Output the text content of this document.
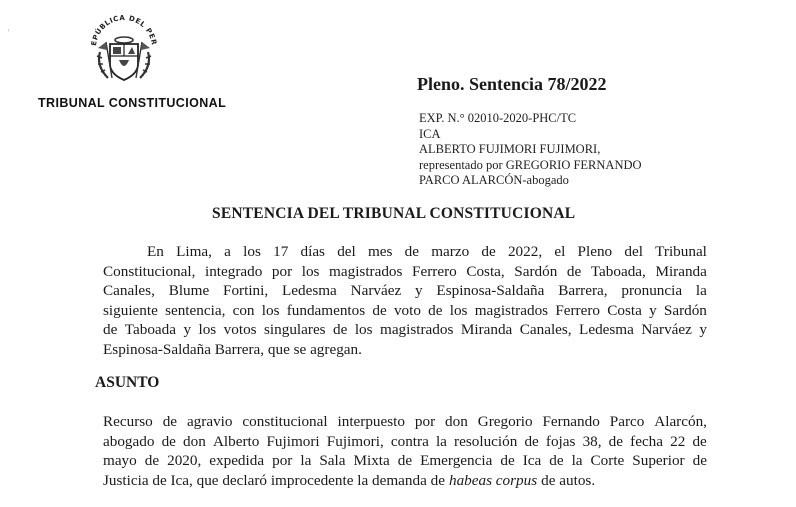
'
EPÚBLICA DEL PER
TRIBUNAL CONSTITUCIONAL
Pleno. Sentencia 78/2022
EXP. N.° 02010-2020-PHC/TC
ICA
ALBERTO FUJIMORI FUJIMORI,
representado por GREGORIO FERNANDO
PARCO ALARCÓN-abogado
SENTENCIA DEL TRIBUNAL CONSTITUCIONAL
En Lima, a los 17 días del mes de marzo de 2022, el Pleno del Tribunal
Constitucional, integrado por los magistrados Ferrero Costa, Sardón de Taboada, Miranda
Canales, Blume Fortini, Ledesma Narváez y Espinosa-Saldaña Barrera, pronuncia la
siguiente sentencia, con los fundamentos de voto de los magistrados Ferrero Costa y Sardón
de Taboada y los votos singulares de los magistrados Miranda Canales, Ledesma Narváez y
Espinosa-Saldaña Barrera, que se agregan.
ASUNTO
Recurso de agravio constitucional interpuesto por don Gregorio Fernando Parco Alarcón,
abogado de don Alberto Fujimori Fujimori, contra la resolución de fojas 38, de fecha 22 de
mayo de 2020, expedida por la Sala Mixta de Emergencia de Ica de la Corte Superior de
Justicia de Ica, que declaró improcedente la demanda de habeas corpus de autos.
